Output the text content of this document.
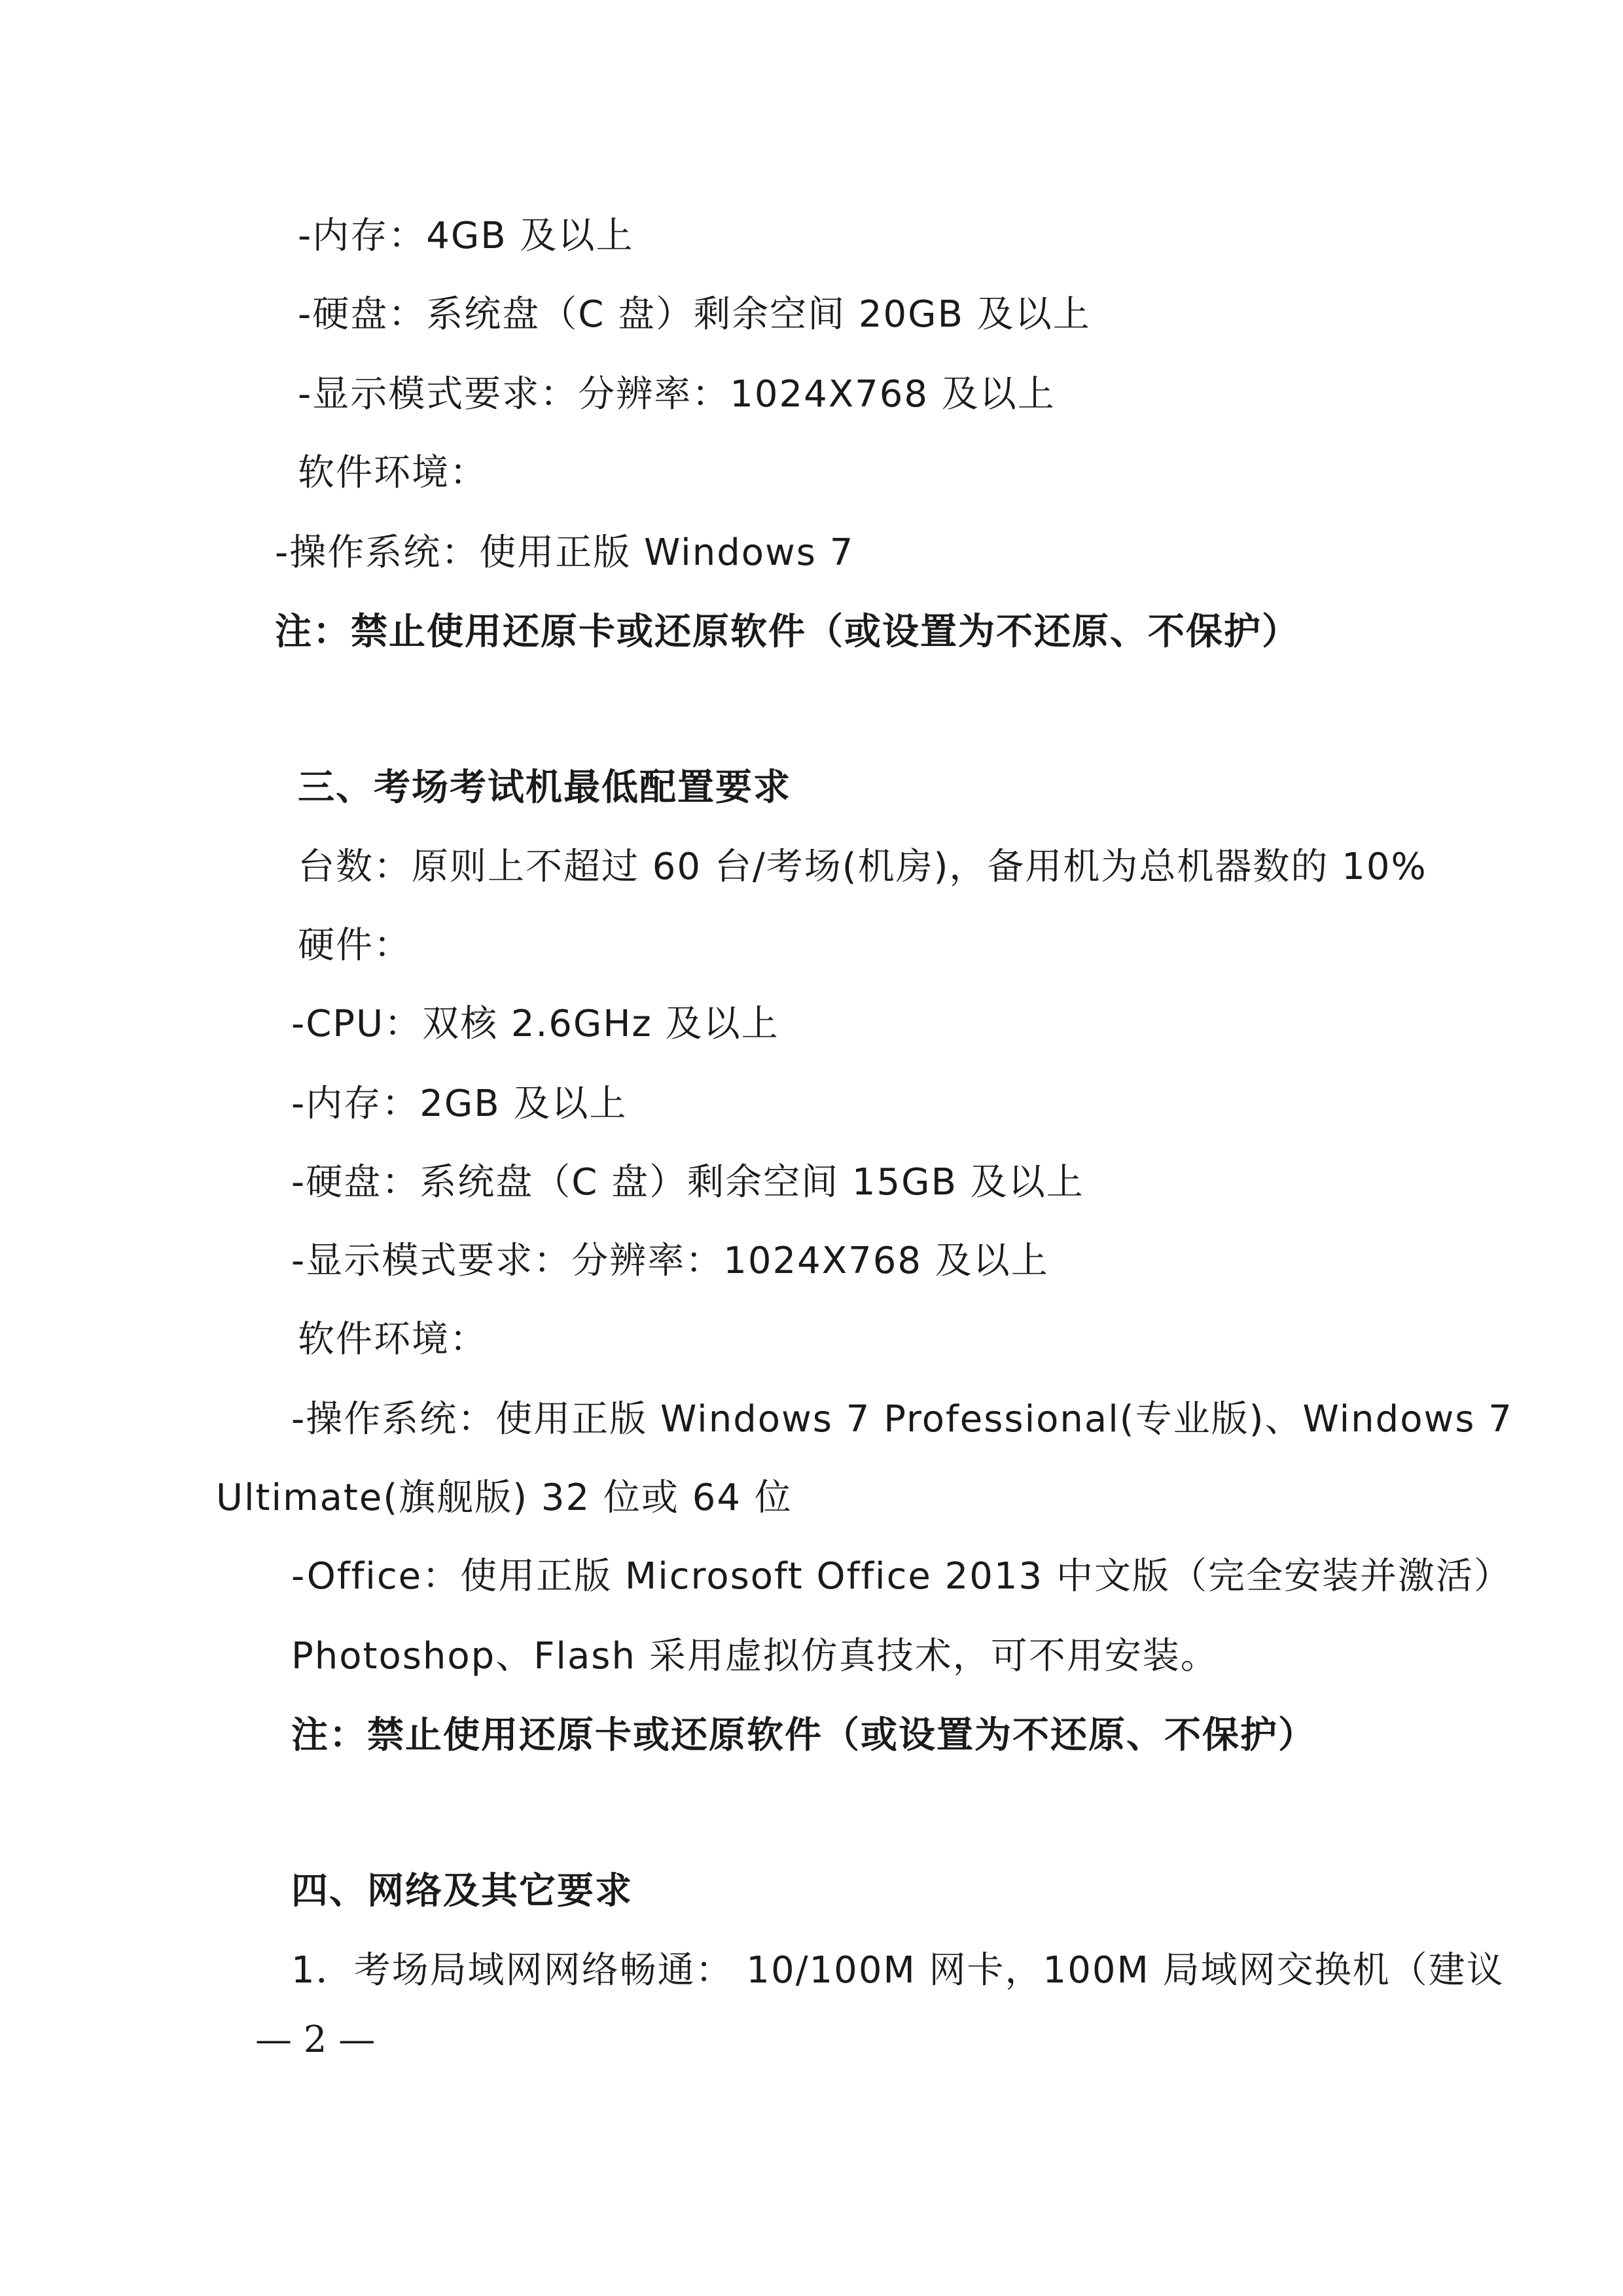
-内存：4GB 及以上
-硬盘：系统盘（C 盘）剩余空间 20GB 及以上
-显示模式要求：分辨率：1024X768 及以上
软件环境：
-操作系统：使用正版 Windows 7
注：禁止使用还原卡或还原软件（或设置为不还原、不保护）
三、考场考试机最低配置要求
台数：原则上不超过 60 台/考场(机房)，备用机为总机器数的 10%
硬件：
-CPU：双核 2.6GHz 及以上
-内存：2GB 及以上
-硬盘：系统盘（C 盘）剩余空间 15GB 及以上
-显示模式要求：分辨率：1024X768 及以上
软件环境：
-操作系统：使用正版 Windows 7 Professional(专业版)、Windows 7
Ultimate(旗舰版) 32 位或 64 位
-Office：使用正版 Microsoft Office 2013 中文版（完全安装并激活）
Photoshop、Flash 采用虚拟仿真技术，可不用安装。
注：禁止使用还原卡或还原软件（或设置为不还原、不保护）
四、网络及其它要求
1．考场局域网网络畅通： 10/100M 网卡，100M 局域网交换机（建议
— 2 —
